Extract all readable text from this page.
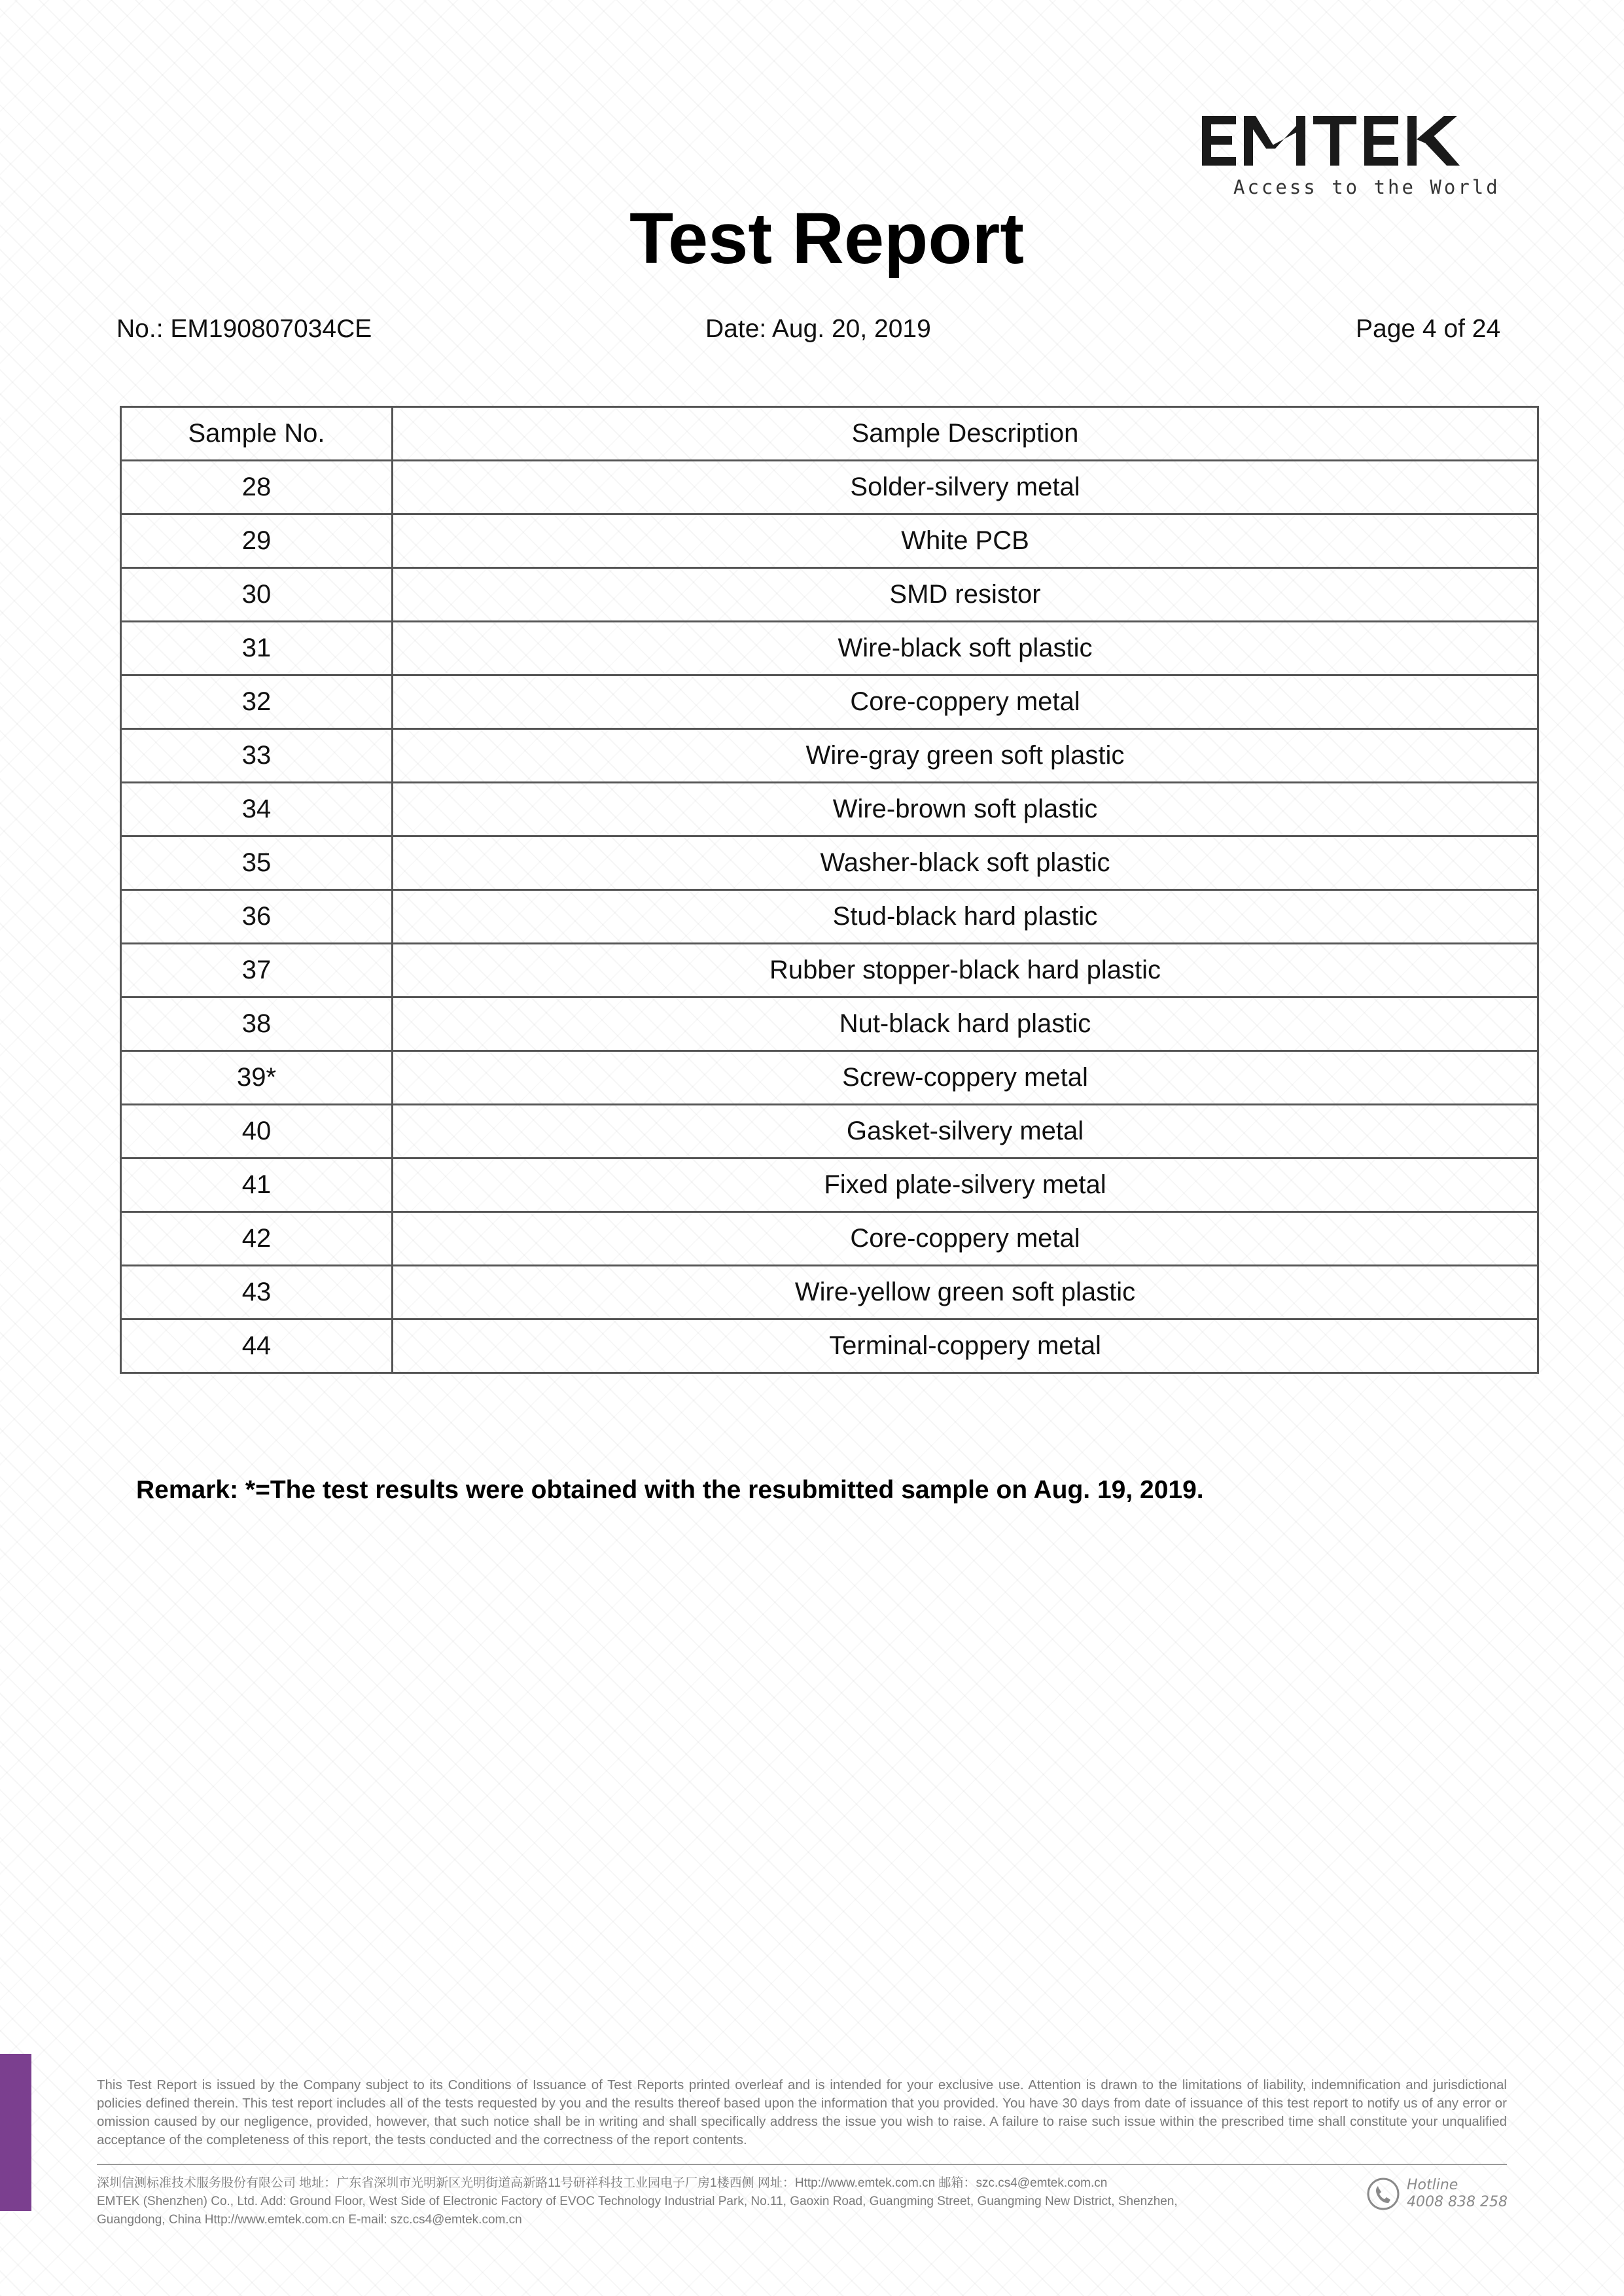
Access to the World
Test Report
No.: EM190807034CE	Date: Aug. 20, 2019	Page 4 of 24
Sample No.	Sample Description
28	Solder-silvery metal
29	White PCB
30	SMD resistor
31	Wire-black soft plastic
32	Core-coppery metal
33	Wire-gray green soft plastic
34	Wire-brown soft plastic
35	Washer-black soft plastic
36	Stud-black hard plastic
37	Rubber stopper-black hard plastic
38	Nut-black hard plastic
39*	Screw-coppery metal
40	Gasket-silvery metal
41	Fixed plate-silvery metal
42	Core-coppery metal
43	Wire-yellow green soft plastic
44	Terminal-coppery metal
Remark: *=The test results were obtained with the resubmitted sample on Aug. 19, 2019.
This Test Report is issued by the Company subject to its Conditions of Issuance of Test Reports printed overleaf and is intended for your exclusive use. Attention is drawn to the limitations of liability, indemnification and jurisdictional policies defined therein. This test report includes all of the tests requested by you and the results thereof based upon the information that you provided. You have 30 days from date of issuance of this test report to notify us of any error or omission caused by our negligence, provided, however, that such notice shall be in writing and shall specifically address the issue you wish to raise. A failure to raise such issue within the prescribed time shall constitute your unqualified acceptance of the completeness of this report, the tests conducted and the correctness of the report contents.
深圳信测标准技术服务股份有限公司 地址：广东省深圳市光明新区光明街道高新路11号研祥科技工业园电子厂房1楼西侧 网址：Http://www.emtek.com.cn 邮箱：szc.cs4@emtek.com.cn
EMTEK (Shenzhen) Co., Ltd. Add: Ground Floor, West Side of Electronic Factory of EVOC Technology Industrial Park, No.11, Gaoxin Road, Guangming Street, Guangming New District, Shenzhen,
Guangdong, China Http://www.emtek.com.cn E-mail: szc.cs4@emtek.com.cn
Hotline
4008 838 258
